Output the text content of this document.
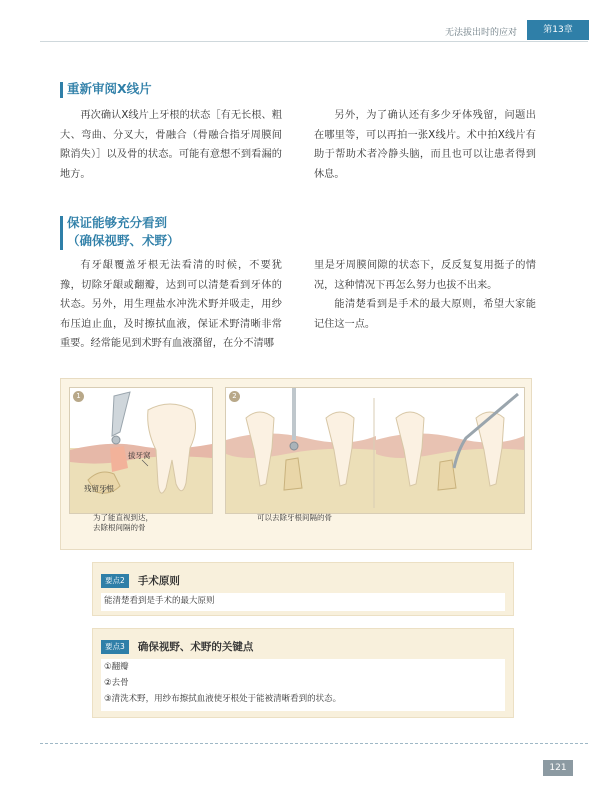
无法拔出时的应对	第13章
重新审阅X线片

再次确认X线片上牙根的状态［有无长根、粗大、弯曲、分叉大，骨融合（骨融合指牙周膜间隙消失）］以及骨的状态。可能有意想不到看漏的地方。

另外，为了确认还有多少牙体残留，问题出在哪里等，可以再拍一张X线片。术中拍X线片有助于帮助术者冷静头脑，而且也可以让患者得到休息。

保证能够充分看到
（确保视野、术野）

有牙龈覆盖牙根无法看清的时候，不要犹豫，切除牙龈或翻瓣，达到可以清楚看到牙体的状态。另外，用生理盐水冲洗术野并吸走，用纱布压迫止血，及时擦拭血液，保证术野清晰非常重要。经常能见到术野有血液潴留，在分不清哪

里是牙周膜间隙的状态下，反反复复用挺子的情况，这种情况下再怎么努力也拔不出来。

能清楚看到是手术的最大原则，希望大家能记住这一点。

1
拔牙窝
残留牙根
为了能直视到达，
去除根间隔的骨
2
可以去除牙根间隔的骨
要点2 手术原则
能清楚看到是手术的最大原则
要点3 确保视野、术野的关键点
①翻瓣
②去骨
③清洗术野，用纱布擦拭血液使牙根处于能被清晰看到的状态。
121
